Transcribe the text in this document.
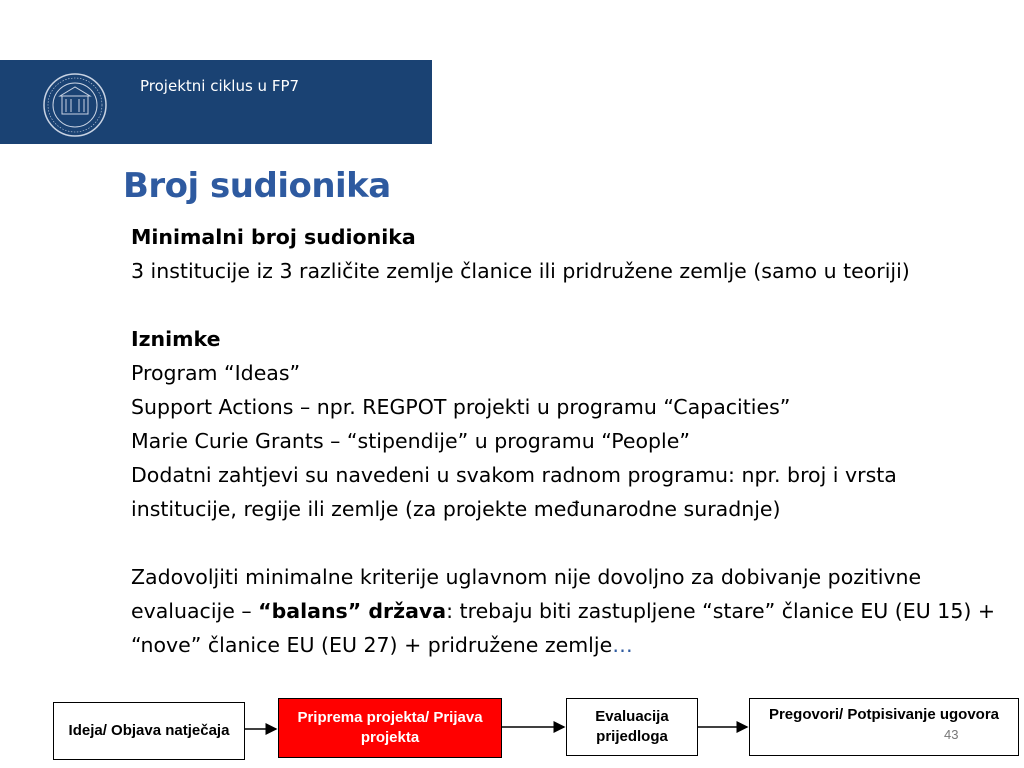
Projektni ciklus u FP7
Broj sudionika

Minimalni broj sudionika

3 institucije iz 3 različite zemlje članice ili pridružene zemlje (samo u teoriji)

Iznimke

Program “Ideas”

Support Actions – npr. REGPOT projekti u programu “Capacities”

Marie Curie Grants – “stipendije” u programu “People”

Dodatni zahtjevi su navedeni u svakom radnom programu: npr. broj i vrsta institucije, regije ili zemlje (za projekte međunarodne suradnje)

Zadovoljiti minimalne kriterije uglavnom nije dovoljno za dobivanje pozitivne evaluacije – “balans” država: trebaju biti zastupljene “stare” članice EU (EU 15) + “nove” članice EU (EU 27) + pridružene zemlje…

Ideja/ Objava natječaja
Priprema projekta/ Prijava projekta
Evaluacija prijedloga
Pregovori/ Potpisivanje ugovora
43
